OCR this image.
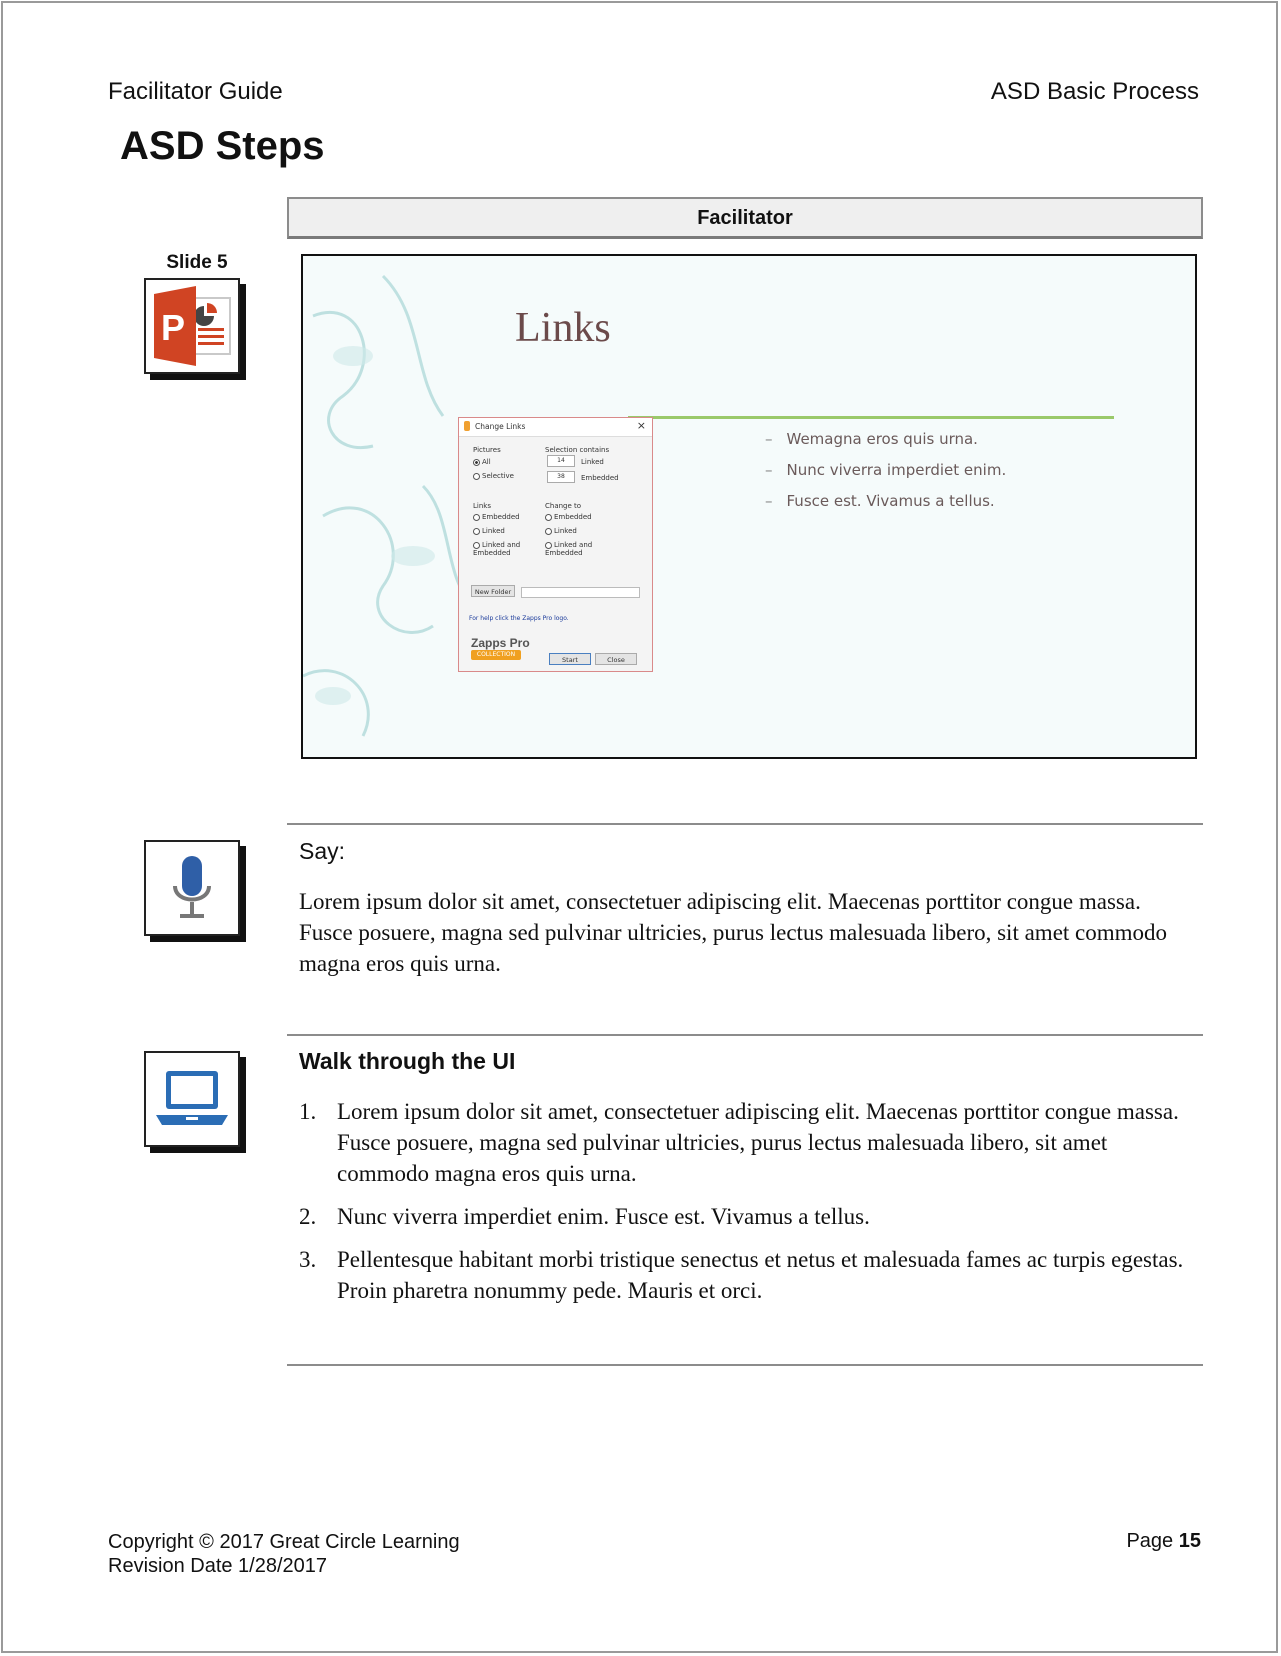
Facilitator Guide	ASD Basic Process
ASD Steps
Facilitator
Slide 5
P	Links
– Wemagna eros quis urna.
– Nunc viverra imperdiet enim.
– Fusce est. Vivamus a tellus.
Change Links	×
Pictures
All
Selective
Selection contains
14	Linked
38	Embedded
Links
Embedded
Linked
Linked and Embedded
Change to
Embedded
Linked
Linked and Embedded
New Folder
For help click the Zapps Pro logo.
Zapps Pro
COLLECTION
Start	Close
Say:
Lorem ipsum dolor sit amet, consectetuer adipiscing elit. Maecenas porttitor congue massa. Fusce posuere, magna sed pulvinar ultricies, purus lectus malesuada libero, sit amet commodo magna eros quis urna.
Walk through the UI
1. Lorem ipsum dolor sit amet, consectetuer adipiscing elit. Maecenas porttitor congue massa. Fusce posuere, magna sed pulvinar ultricies, purus lectus malesuada libero, sit amet commodo magna eros quis urna.
2. Nunc viverra imperdiet enim. Fusce est. Vivamus a tellus.
3. Pellentesque habitant morbi tristique senectus et netus et malesuada fames ac turpis egestas. Proin pharetra nonummy pede. Mauris et orci.
Copyright © 2017 Great Circle Learning
Revision Date 1/28/2017
Page 15
